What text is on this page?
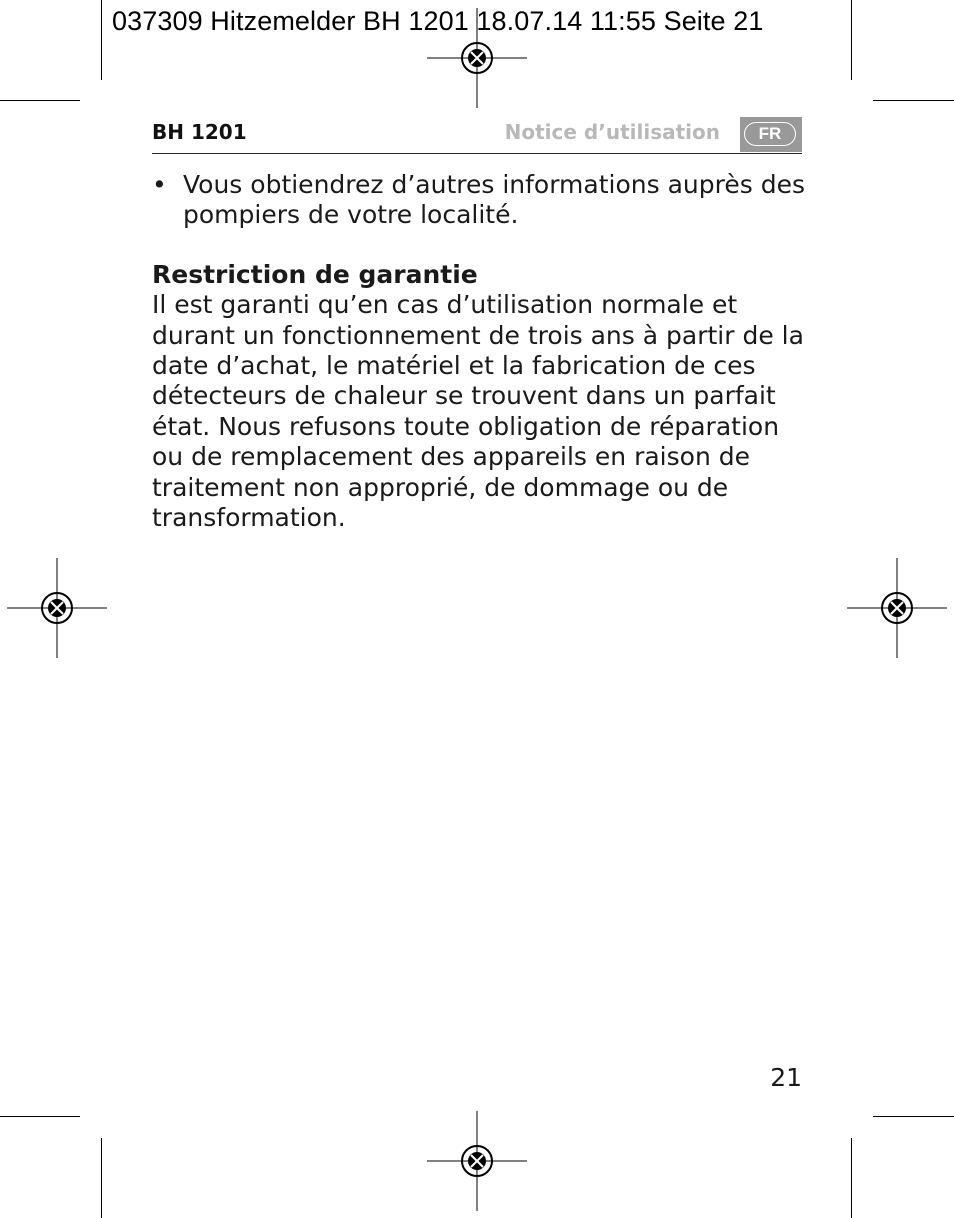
037309 Hitzemelder BH 1201 18.07.14 11:55 Seite 21
BH 1201	Notice d’utilisation	FR

• Vous obtiendrez d’autres informations auprès des pompiers de votre localité.

Restriction de garantie

Il est garanti qu’en cas d’utilisation normale et durant un fonctionnement de trois ans à partir de la date d’achat, le matériel et la fabrication de ces détecteurs de chaleur se trouvent dans un parfait état. Nous refusons toute obligation de réparation ou de remplacement des appareils en raison de traitement non approprié, de dommage ou de transformation.

21
